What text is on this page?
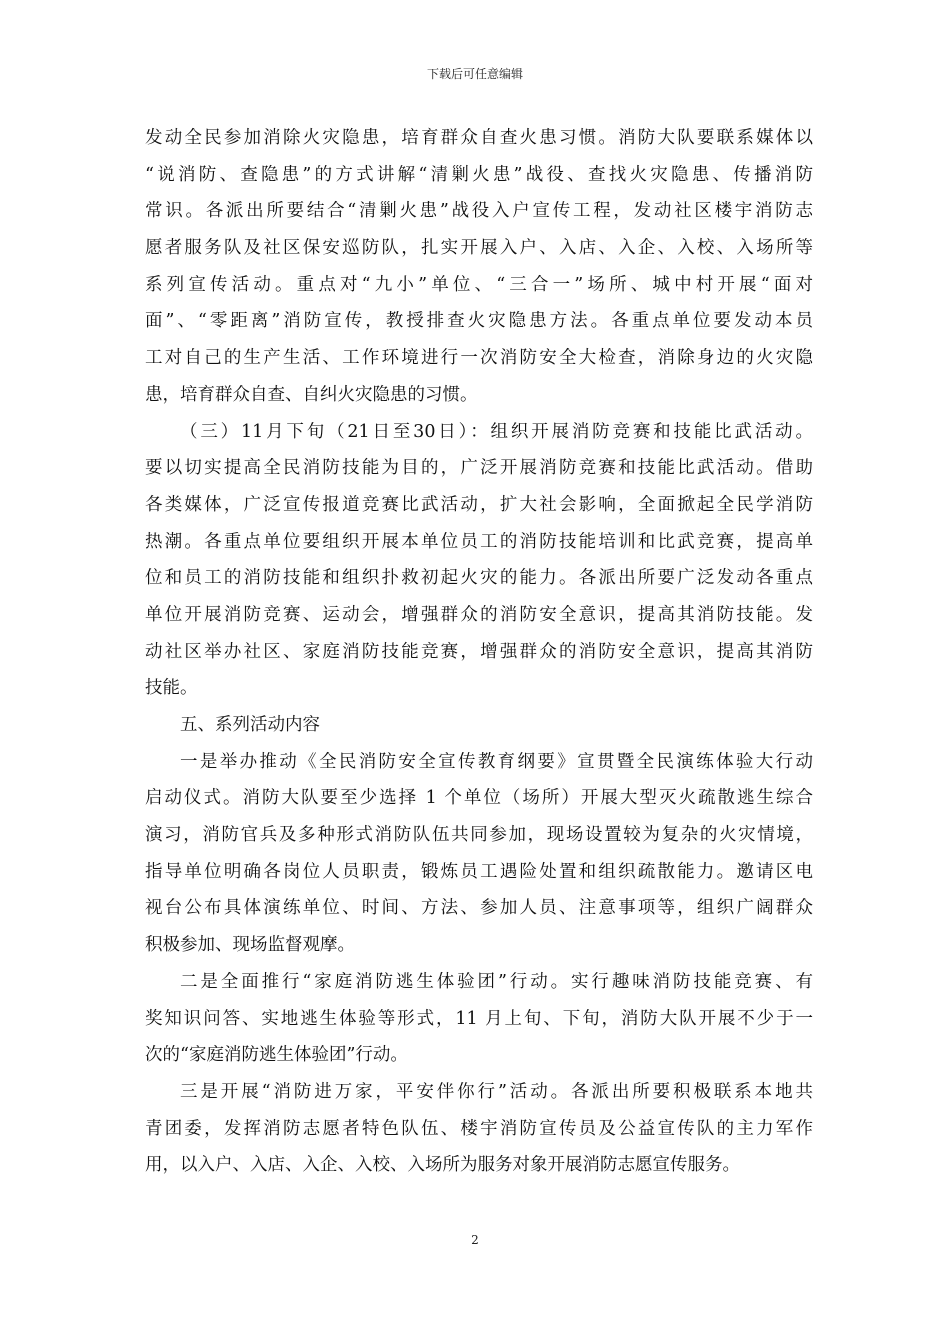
下载后可任意编辑
发动全民参加消除火灾隐患，培育群众自查火患习惯。消防大队要联系媒体以
“说消防、查隐患”的方式讲解“清剿火患”战役、查找火灾隐患、传播消防
常识。各派出所要结合“清剿火患”战役入户宣传工程，发动社区楼宇消防志
愿者服务队及社区保安巡防队，扎实开展入户、入店、入企、入校、入场所等
系列宣传活动。重点对“九小”单位、“三合一”场所、城中村开展“面对
面”、“零距离”消防宣传，教授排查火灾隐患方法。各重点单位要发动本员
工对自己的生产生活、工作环境进行一次消防安全大检查，消除身边的火灾隐
患，培育群众自查、自纠火灾隐患的习惯。
（三）11月下旬（21日至30日）：组织开展消防竞赛和技能比武活动。
要以切实提高全民消防技能为目的，广泛开展消防竞赛和技能比武活动。借助
各类媒体，广泛宣传报道竞赛比武活动，扩大社会影响，全面掀起全民学消防
热潮。各重点单位要组织开展本单位员工的消防技能培训和比武竞赛，提高单
位和员工的消防技能和组织扑救初起火灾的能力。各派出所要广泛发动各重点
单位开展消防竞赛、运动会，增强群众的消防安全意识，提高其消防技能。发
动社区举办社区、家庭消防技能竞赛，增强群众的消防安全意识，提高其消防
技能。
五、系列活动内容
一是举办推动《全民消防安全宣传教育纲要》宣贯暨全民演练体验大行动
启动仪式。消防大队要至少选择 1 个单位（场所）开展大型灭火疏散逃生综合
演习，消防官兵及多种形式消防队伍共同参加，现场设置较为复杂的火灾情境，
指导单位明确各岗位人员职责，锻炼员工遇险处置和组织疏散能力。邀请区电
视台公布具体演练单位、时间、方法、参加人员、注意事项等，组织广阔群众
积极参加、现场监督观摩。
二是全面推行“家庭消防逃生体验团”行动。实行趣味消防技能竞赛、有
奖知识问答、实地逃生体验等形式，11 月上旬、下旬，消防大队开展不少于一
次的“家庭消防逃生体验团”行动。
三是开展“消防进万家，平安伴你行”活动。各派出所要积极联系本地共
青团委，发挥消防志愿者特色队伍、楼宇消防宣传员及公益宣传队的主力军作
用，以入户、入店、入企、入校、入场所为服务对象开展消防志愿宣传服务。
2
